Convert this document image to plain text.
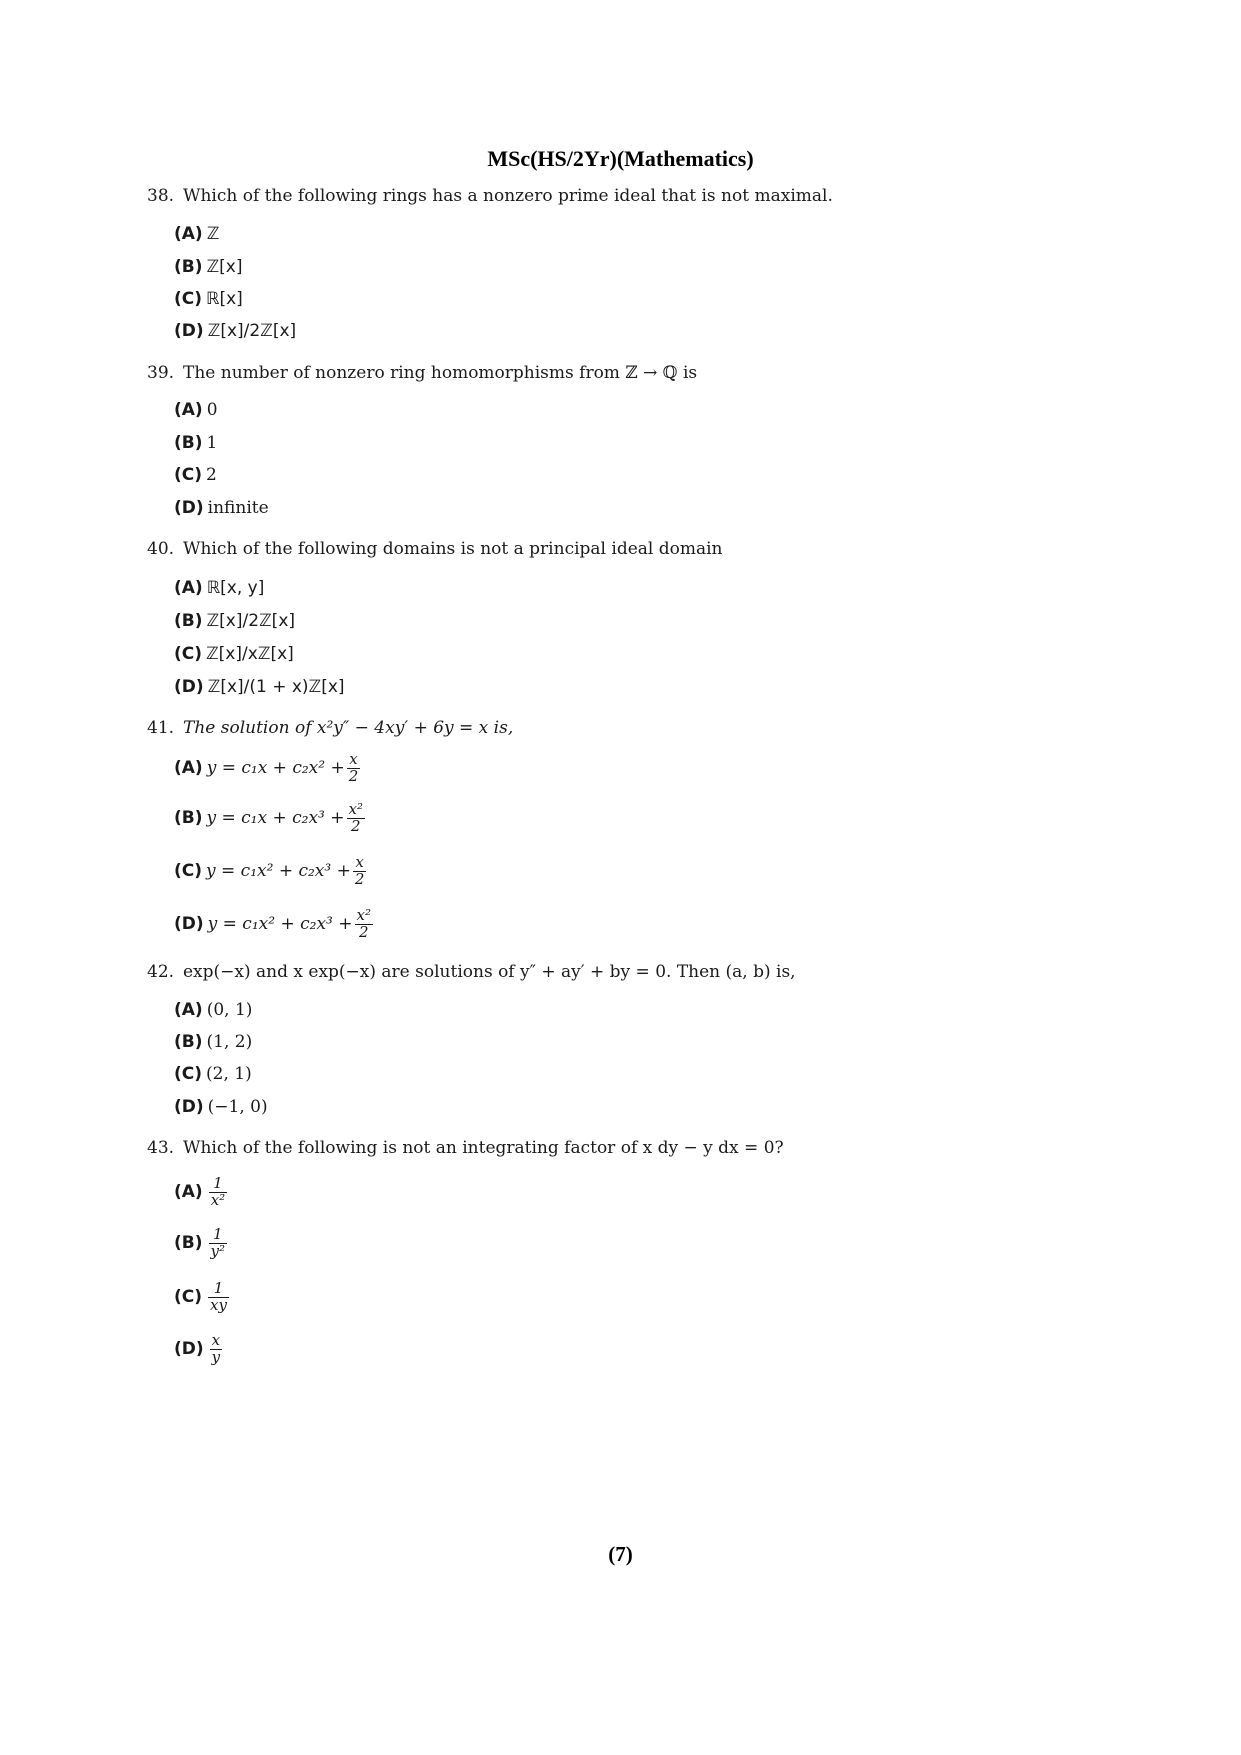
MSc(HS/2Yr)(Mathematics)
38. Which of the following rings has a nonzero prime ideal that is not maximal.
(A) ℤ
(B) ℤ[x]
(C) ℝ[x]
(D) ℤ[x]/2ℤ[x]
39. The number of nonzero ring homomorphisms from ℤ → ℚ is
(A) 0
(B) 1
(C) 2
(D) infinite
40. Which of the following domains is not a principal ideal domain
(A) ℝ[x, y]
(B) ℤ[x]/2ℤ[x]
(C) ℤ[x]/xℤ[x]
(D) ℤ[x]/(1 + x)ℤ[x]
41. The solution of x²y″ − 4xy′ + 6y = x is,
(A) $y = c_1x + c_2x^2 + \frac{x}{2}$
(B) $y = c_1x + c_2x^3 + \frac{\text{x²}}{2}$
(C) $y = c_1x^2 + c_2x^3 + \frac{x}{2}$
(D) $y = c_1x^2 + c_2x^3 + \frac{\text{x²}}{2}$
42. exp(−x) and x exp(−x) are solutions of y″ + ay′ + by = 0. Then (a, b) is,
(A) (0, 1)
(B) (1, 2)
(C) (2, 1)
(D) (−1, 0)
43. Which of the following is not an integrating factor of x dy − y dx = 0?
$(A) \frac{1}{\text{x²}}$
$(B) \frac{1}{\text{y²}}$
$(C) \frac{1}{xy}$
$(D) \frac{x}{y}$
(7)
